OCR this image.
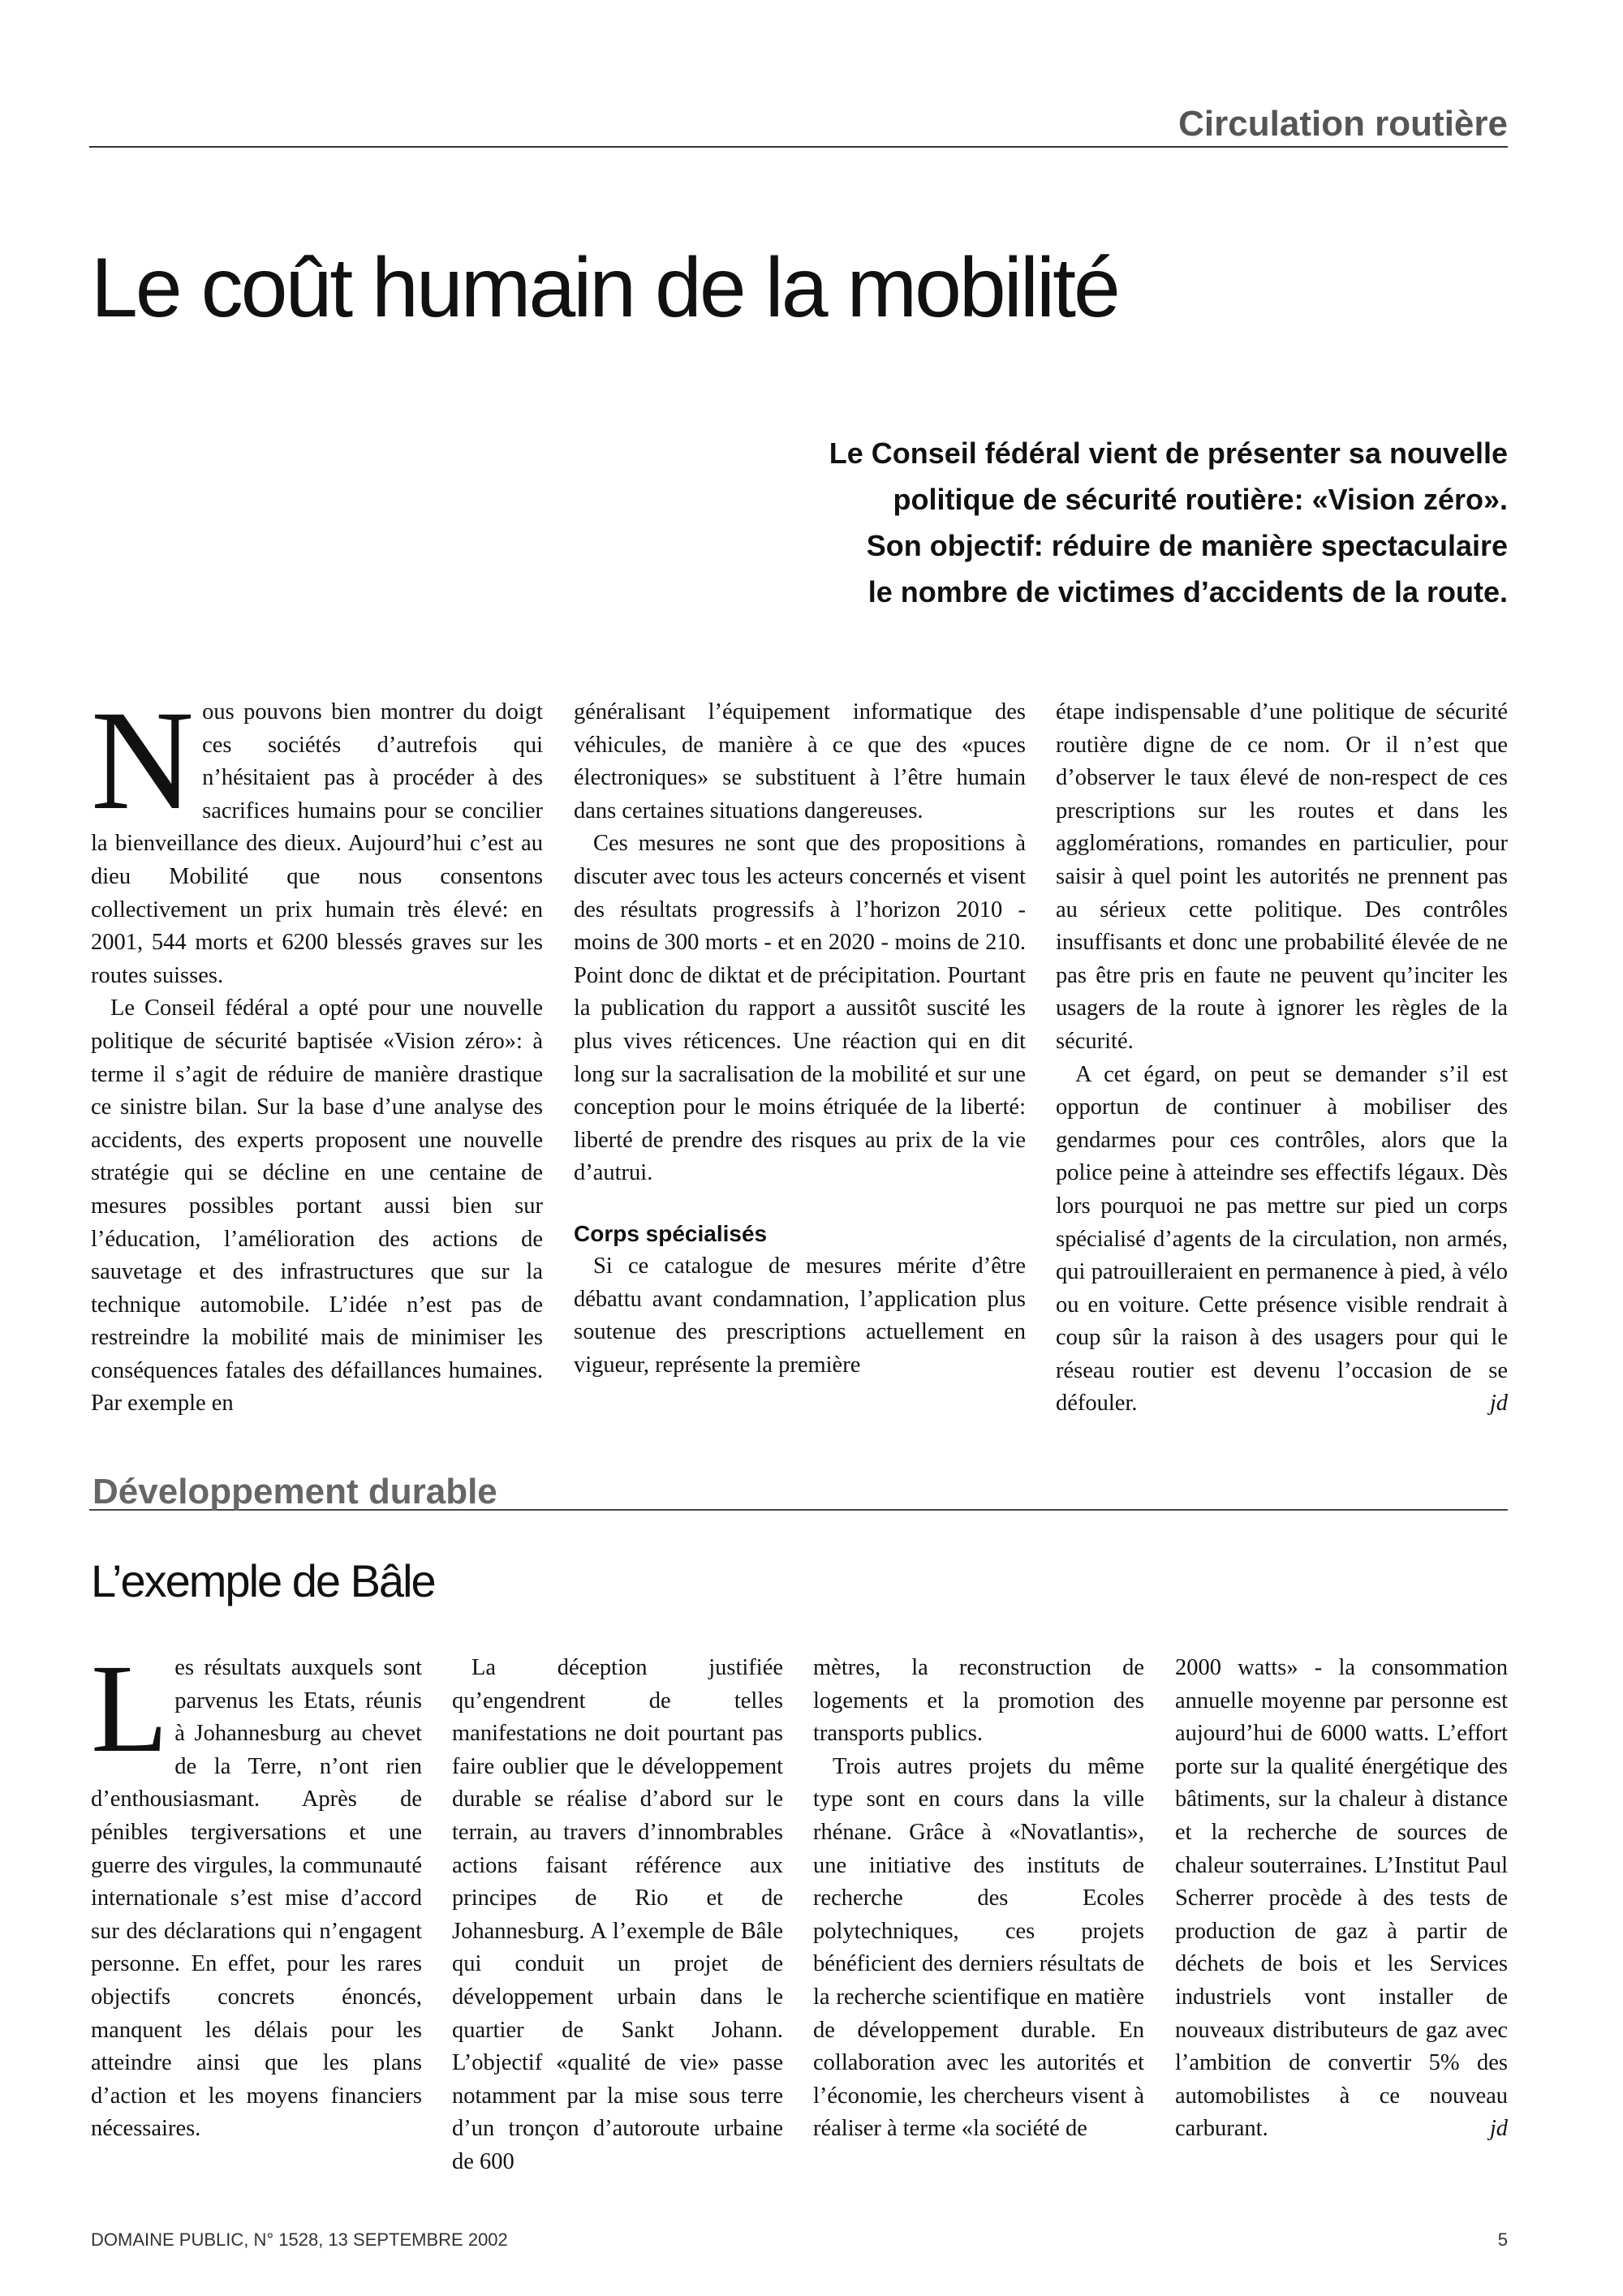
Circulation routière
Le coût humain de la mobilité
Le Conseil fédéral vient de présenter sa nouvelle
politique de sécurité routière: «Vision zéro».
Son objectif: réduire de manière spectaculaire
le nombre de victimes d’accidents de la route.

Nous pouvons bien montrer du doigt ces sociétés d’autrefois qui n’hésitaient pas à procéder à des sacrifices humains pour se concilier la bienveillance des dieux. Aujourd’hui c’est au dieu Mobilité que nous consentons collectivement un prix humain très élevé: en 2001, 544 morts et 6200 blessés graves sur les routes suisses.

Le Conseil fédéral a opté pour une nouvelle politique de sécurité baptisée «Vision zéro»: à terme il s’agit de réduire de manière drastique ce sinistre bilan. Sur la base d’une analyse des accidents, des experts proposent une nouvelle stratégie qui se décline en une centaine de mesures possibles portant aussi bien sur l’éducation, l’amélioration des actions de sauvetage et des infrastructures que sur la technique automobile. L’idée n’est pas de restreindre la mobilité mais de minimiser les conséquences fatales des défaillances humaines. Par exemple en

généralisant l’équipement informatique des véhicules, de manière à ce que des «puces électroniques» se substituent à l’être humain dans certaines situations dangereuses.

Ces mesures ne sont que des propositions à discuter avec tous les acteurs concernés et visent des résultats progressifs à l’horizon 2010 - moins de 300 morts - et en 2020 - moins de 210. Point donc de diktat et de précipitation. Pourtant la publication du rapport a aussitôt suscité les plus vives réticences. Une réaction qui en dit long sur la sacralisation de la mobilité et sur une conception pour le moins étriquée de la liberté: liberté de prendre des risques au prix de la vie d’autrui.

Corps spécialisés

Si ce catalogue de mesures mérite d’être débattu avant condamnation, l’application plus soutenue des prescriptions actuellement en vigueur, représente la première

étape indispensable d’une politique de sécurité routière digne de ce nom. Or il n’est que d’observer le taux élevé de non-respect de ces prescriptions sur les routes et dans les agglomérations, romandes en particulier, pour saisir à quel point les autorités ne prennent pas au sérieux cette politique. Des contrôles insuffisants et donc une probabilité élevée de ne pas être pris en faute ne peuvent qu’inciter les usagers de la route à ignorer les règles de la sécurité.

A cet égard, on peut se demander s’il est opportun de continuer à mobiliser des gendarmes pour ces contrôles, alors que la police peine à atteindre ses effectifs légaux. Dès lors pourquoi ne pas mettre sur pied un corps spécialisé d’agents de la circulation, non armés, qui patrouilleraient en permanence à pied, à vélo ou en voiture. Cette présence visible rendrait à coup sûr la raison à des usagers pour qui le réseau routier est devenu l’occasion de se défouler.	jd

Développement durable
L’exemple de Bâle

Les résultats auxquels sont parvenus les Etats, réunis à Johannesburg au chevet de la Terre, n’ont rien d’enthousiasmant. Après de pénibles tergiversations et une guerre des virgules, la communauté internationale s’est mise d’accord sur des déclarations qui n’engagent personne. En effet, pour les rares objectifs concrets énoncés, manquent les délais pour les atteindre ainsi que les plans d’action et les moyens financiers nécessaires.

La déception justifiée qu’engendrent de telles manifestations ne doit pourtant pas faire oublier que le développement durable se réalise d’abord sur le terrain, au travers d’innombrables actions faisant référence aux principes de Rio et de Johannesburg. A l’exemple de Bâle qui conduit un projet de développement urbain dans le quartier de Sankt Johann. L’objectif «qualité de vie» passe notamment par la mise sous terre d’un tronçon d’autoroute urbaine de 600

mètres, la reconstruction de logements et la promotion des transports publics.

Trois autres projets du même type sont en cours dans la ville rhénane. Grâce à «Novatlantis», une initiative des instituts de recherche des Ecoles polytechniques, ces projets bénéficient des derniers résultats de la recherche scientifique en matière de développement durable. En collaboration avec les autorités et l’économie, les chercheurs visent à réaliser à terme «la société de

2000 watts» - la consommation annuelle moyenne par personne est aujourd’hui de 6000 watts. L’effort porte sur la qualité énergétique des bâtiments, sur la chaleur à distance et la recherche de sources de chaleur souterraines. L’Institut Paul Scherrer procède à des tests de production de gaz à partir de déchets de bois et les Services industriels vont installer de nouveaux distributeurs de gaz avec l’ambition de convertir 5% des automobilistes à ce nouveau carburant.	jd

DOMAINE PUBLIC, N° 1528, 13 SEPTEMBRE 2002	5
